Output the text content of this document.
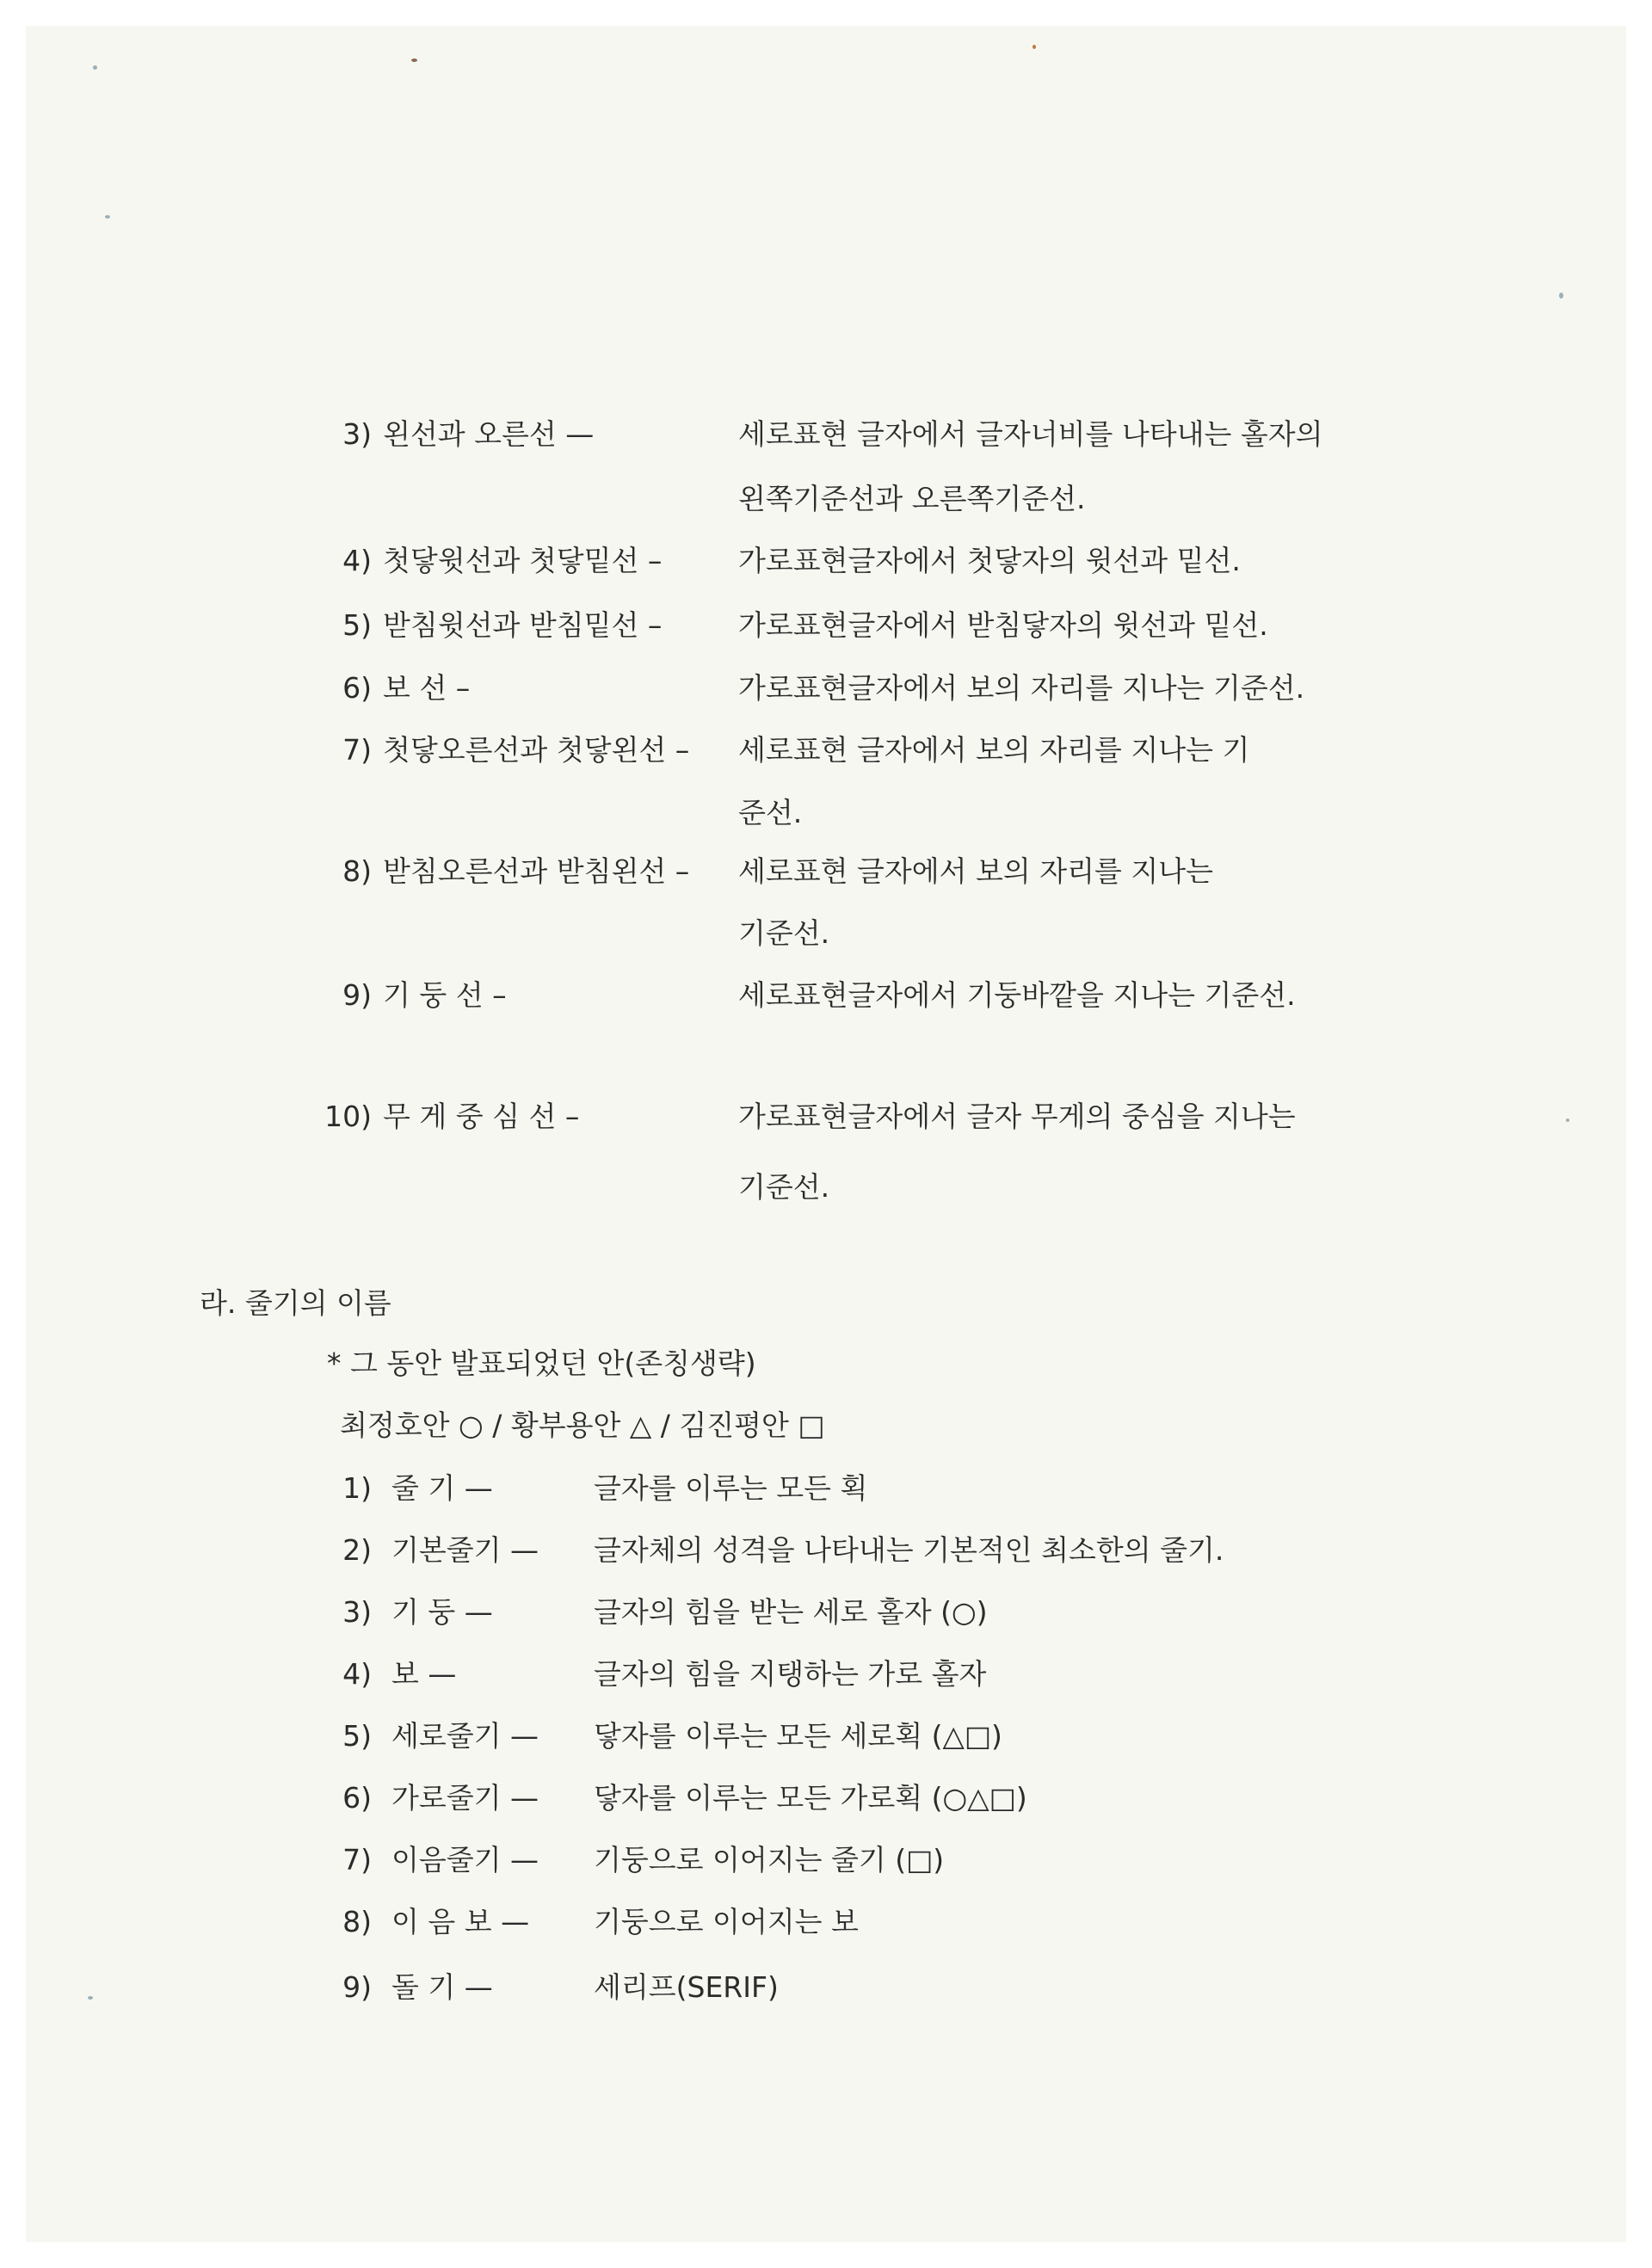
3) 왼선과 오른선 —	세로표현 글자에서 글자너비를 나타내는 홀자의
왼쪽기준선과 오른쪽기준선.
4) 첫닿윗선과 첫닿밑선 –	가로표현글자에서 첫닿자의 윗선과 밑선.
5) 받침윗선과 받침밑선 –	가로표현글자에서 받침닿자의 윗선과 밑선.
6) 보 선 –	가로표현글자에서 보의 자리를 지나는 기준선.
7) 첫닿오른선과 첫닿왼선 – 세로표현 글자에서 보의 자리를 지나는 기
준선.
8) 받침오른선과 받침왼선 – 세로표현 글자에서 보의 자리를 지나는
기준선.
9) 기 둥 선 –	세로표현글자에서 기둥바깥을 지나는 기준선.
10) 무 게 중 심 선 –	가로표현글자에서 글자 무게의 중심을 지나는
기준선.
라. 줄기의 이름
* 그 동안 발표되었던 안(존칭생략)
최정호안 ○ / 황부용안 △ / 김진평안 □
1) 줄 기 —	글자를 이루는 모든 획
2) 기본줄기 — 글자체의 성격을 나타내는 기본적인 최소한의 줄기.
3) 기 둥 —	글자의 힘을 받는 세로 홀자 (○)
4) 보 —	글자의 힘을 지탱하는 가로 홀자
5) 세로줄기 — 닿자를 이루는 모든 세로획 (△□)
6) 가로줄기 — 닿자를 이루는 모든 가로획 (○△□)
7) 이음줄기 — 기둥으로 이어지는 줄기 (□)
8) 이 음 보 — 기둥으로 이어지는 보
9) 돌 기 —	세리프(SERIF)
